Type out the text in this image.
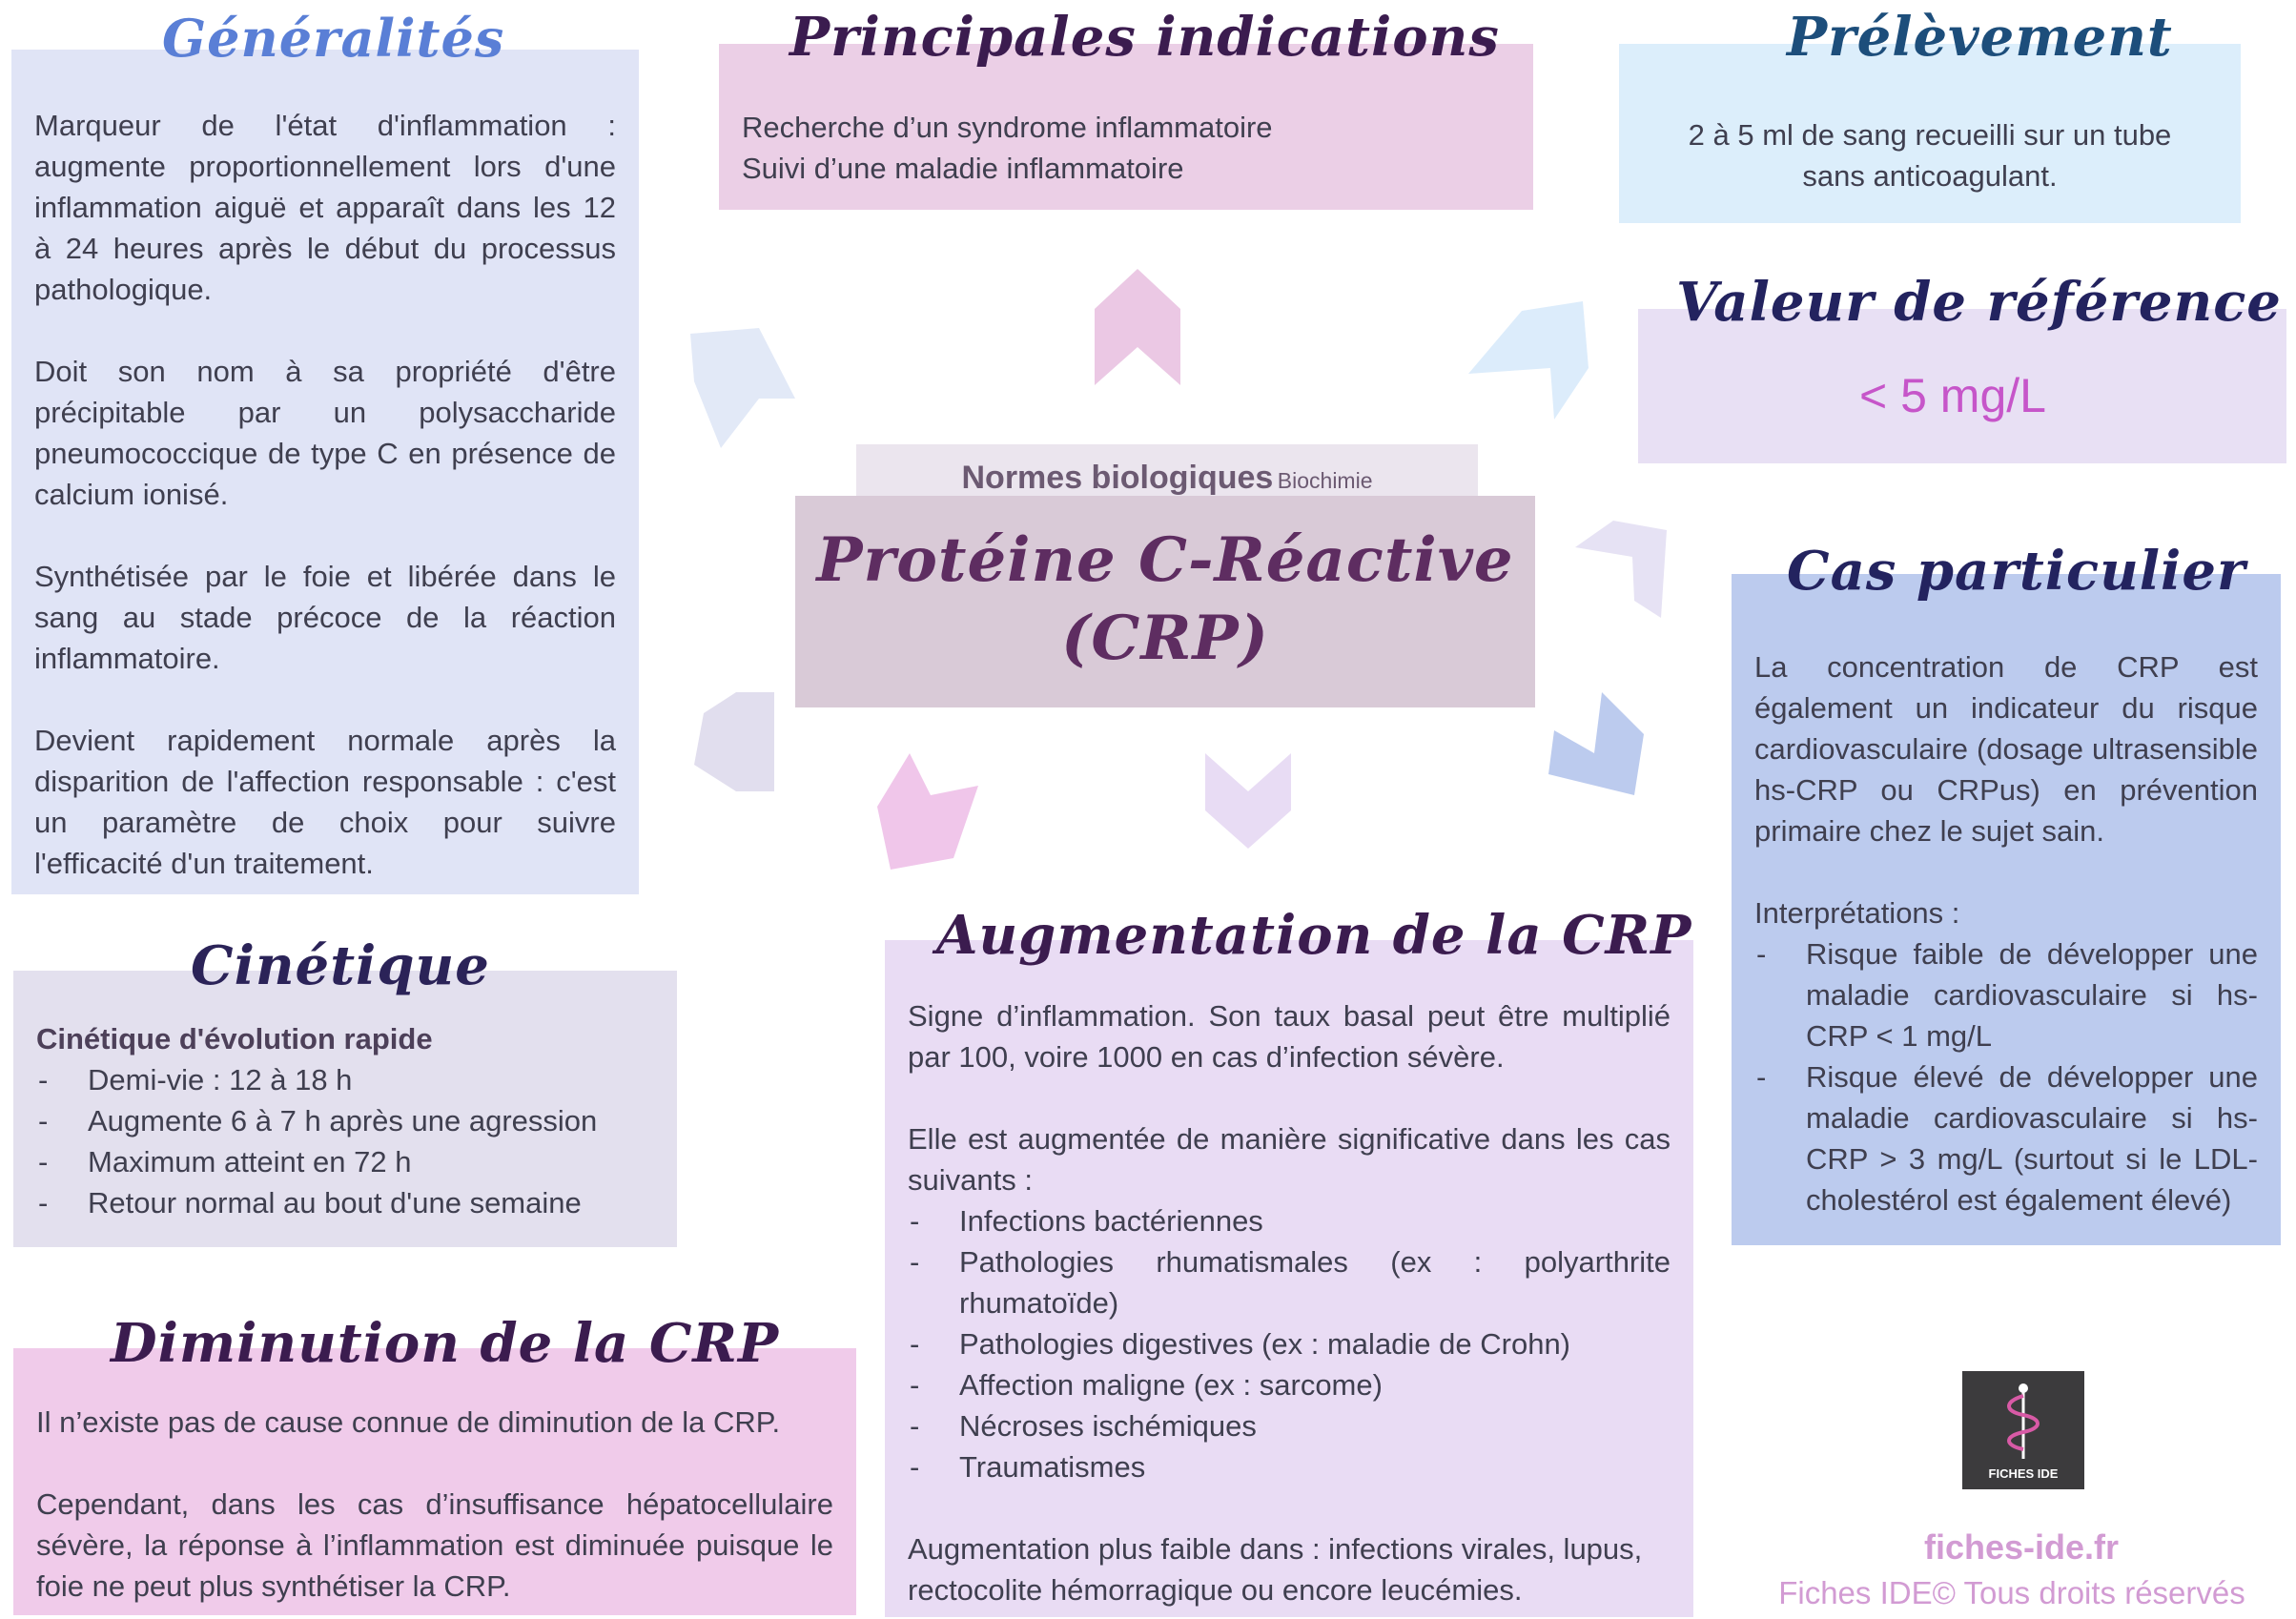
Marqueur de l'état d'inflammation : augmente proportionnellement lors d'une inflammation aiguë et apparaît dans les 12 à 24 heures après le début du processus pathologique.

Doit son nom à sa propriété d'être précipitable par un polysaccharide pneumococcique de type C en présence de calcium ionisé.

Synthétisée par le foie et libérée dans le sang au stade précoce de la réaction inflammatoire.

Devient rapidement normale après la disparition de l'affection responsable : c'est un paramètre de choix pour suivre l'efficacité d'un traitement.

Généralités

Recherche d’un syndrome inflammatoire

Suivi d’une maladie inflammatoire

Principales indications

2 à 5 ml de sang recueilli sur un tube sans anticoagulant.

Prélèvement
< 5 mg/L
Valeur de référence
Normes biologiques Biochimie
Protéine C-Réactive
(CRP)	La concentration de CRP est également un indicateur du risque cardiovasculaire (dosage ultrasensible hs-CRP ou CRPus) en prévention primaire chez le sujet sain.

Interprétations :

- Risque faible de développer une maladie cardiovasculaire si hs-CRP < 1 mg/L
- Risque élevé de développer une maladie cardiovasculaire si hs-CRP > 3 mg/L (surtout si le LDL-cholestérol est également élevé)
Cas particulier

Cinétique d'évolution rapide

- Demi-vie : 12 à 18 h
- Augmente 6 à 7 h après une agression
- Maximum atteint en 72 h
- Retour normal au bout d'une semaine
Cinétique

Il n’existe pas de cause connue de diminution de la CRP.

Cependant, dans les cas d’insuffisance hépatocellulaire sévère, la réponse à l’inflammation est diminuée puisque le foie ne peut plus synthétiser la CRP.

Diminution de la CRP

Signe d’inflammation. Son taux basal peut être multiplié par 100, voire 1000 en cas d’infection sévère.

Elle est augmentée de manière significative dans les cas suivants :

- Infections bactériennes
- Pathologies rhumatismales (ex : polyarthrite rhumatoïde)
- Pathologies digestives (ex : maladie de Crohn)
- Affection maligne (ex : sarcome)
- Nécroses ischémiques
- Traumatismes

Augmentation plus faible dans : infections virales, lupus, rectocolite hémorragique ou encore leucémies.

Augmentation de la CRP
FICHES IDE
fiches-ide.fr
Fiches IDE© Tous droits réservés
